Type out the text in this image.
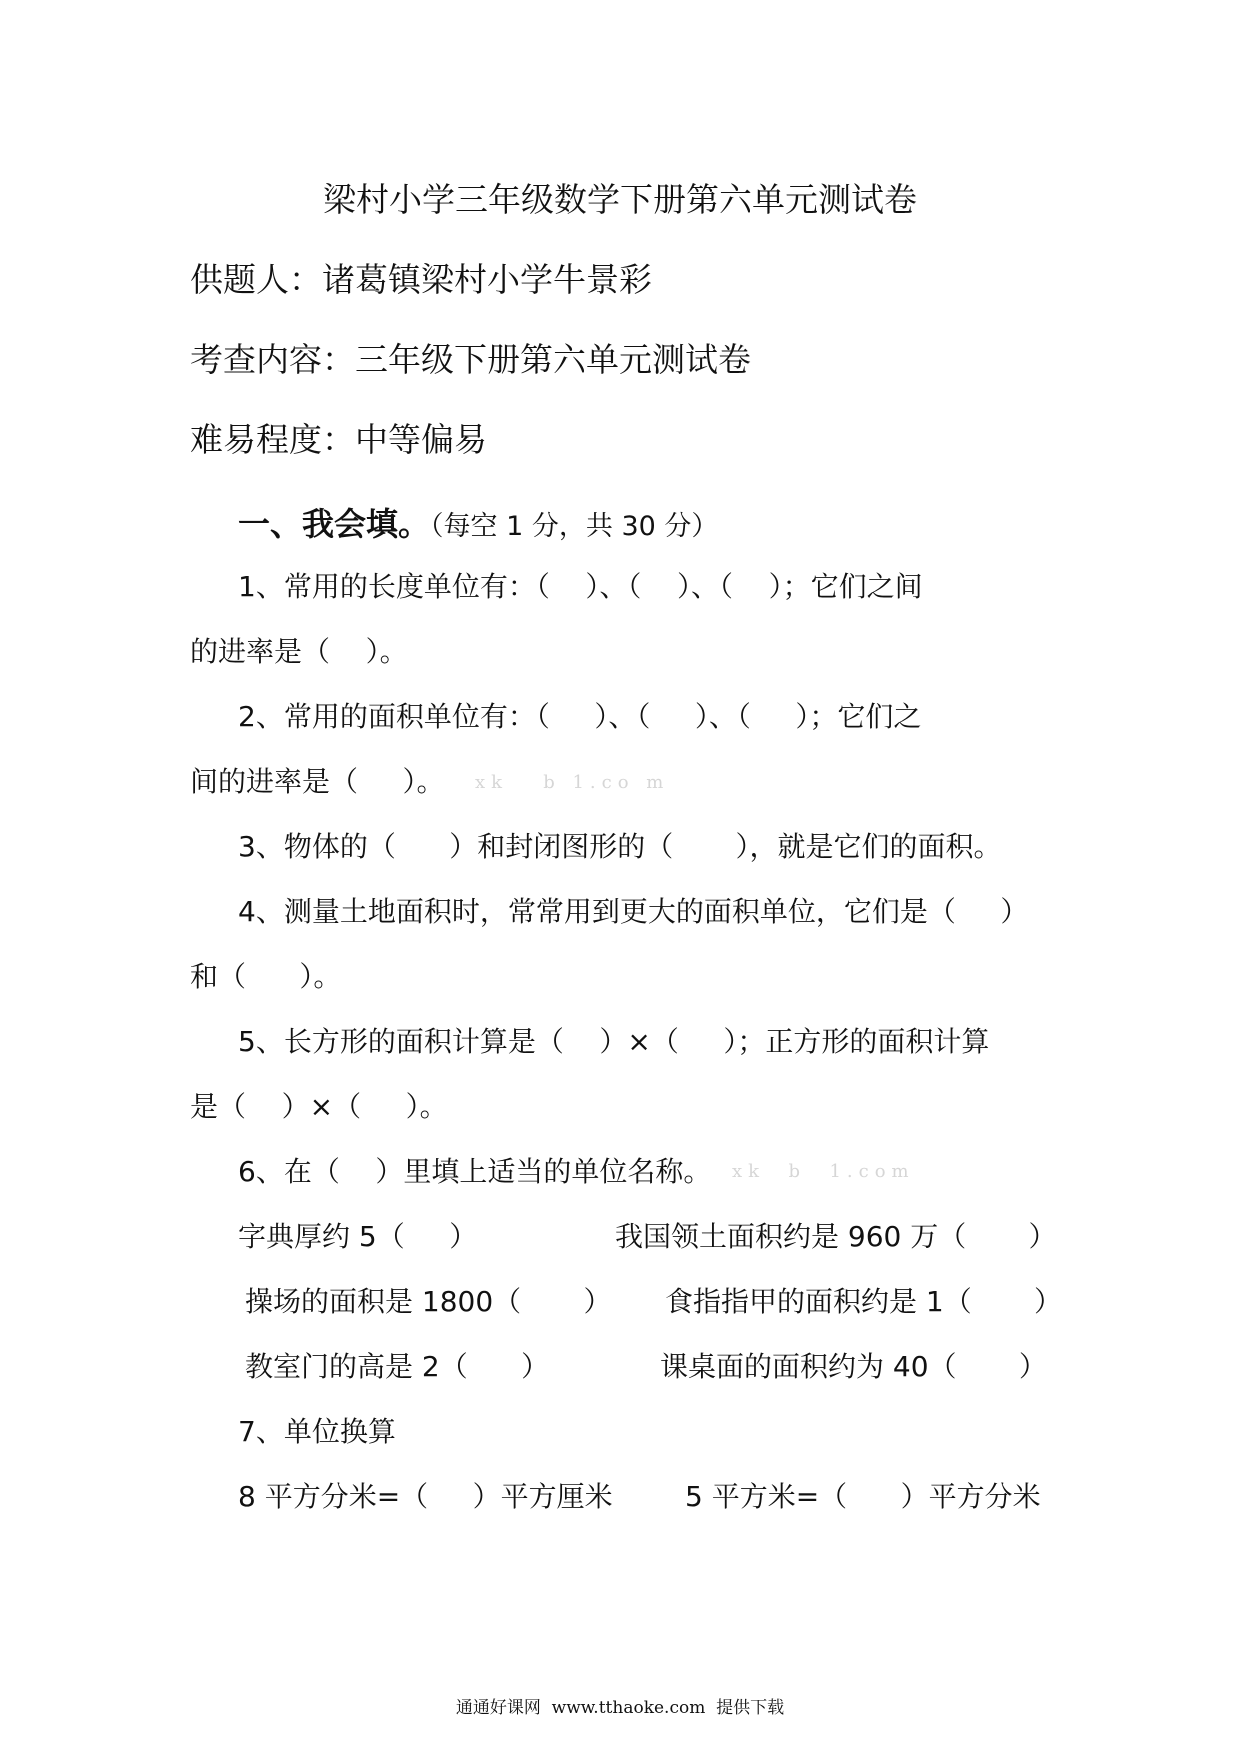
梁村小学三年级数学下册第六单元测试卷
供题人：诸葛镇梁村小学牛景彩
考查内容：三年级下册第六单元测试卷
难易程度：中等偏易
一、我会填。（每空 1 分，共 30 分）
1、常用的长度单位有：（    ）、（    ）、（    ）；它们之间
的进率是（    ）。
2、常用的面积单位有：（     ）、（     ）、（     ）；它们之
间的进率是（     ）。 xk   b 1.co m
3、物体的（      ）和封闭图形的（       ），就是它们的面积。
4、测量土地面积时，常常用到更大的面积单位，它们是（     ）
和（      ）。
5、长方形的面积计算是（    ）×（     ）；正方形的面积计算
是（    ）×（     ）。
6、在（    ）里填上适当的单位名称。 xk  b  1.com
字典厚约 5（     ）	我国领土面积约是 960 万（       ）
操场的面积是 1800（       ） 食指指甲的面积约是 1（       ）
教室门的高是 2（      ）	课桌面的面积约为 40（       ）
7、单位换算
8 平方分米=（     ）平方厘米	5 平方米=（      ）平方分米
通通好课网  www.tthaoke.com  提供下载
